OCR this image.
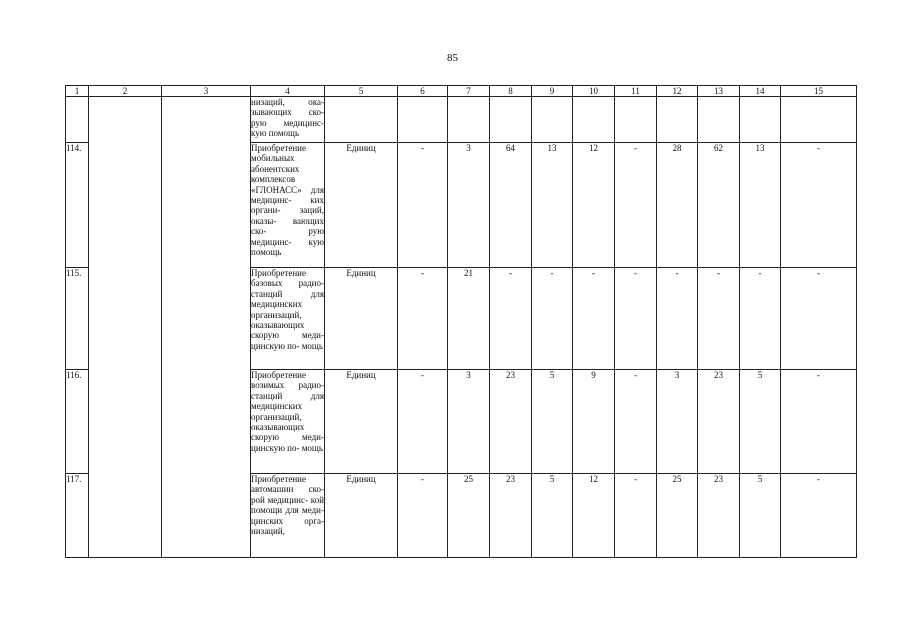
85
1	2	3	4	5	6	7	8	9	10	11	12	13	14	15
			низаций, ока- зывающих ско- рую медицинс- кую помощь											
114.			Приобретение мобильных абонентских комплексов «ГЛОНАСС» для медицинс- ких органи- заций, оказы- вающих ско- рую медицинс- кую помощь	Единиц	-	3	64	13	12	-	28	62	13	-
115.			Приобретение базовых радио- станций для медицинских организаций, оказывающих скорую меди- цинскую по- мощь	Единиц	-	21	-	-	-	-	-	-	-	-
116.			Приобретение возимых радио- станций для медицинских организаций, оказывающих скорую меди- цинскую по- мощь	Единиц	-	3	23	5	9	-	3	23	5	-
117.			Приобретение автомашин ско- рой медицинс- кой помощи для меди- цинских орга- низаций,	Единиц	-	25	23	5	12	-	25	23	5	-
